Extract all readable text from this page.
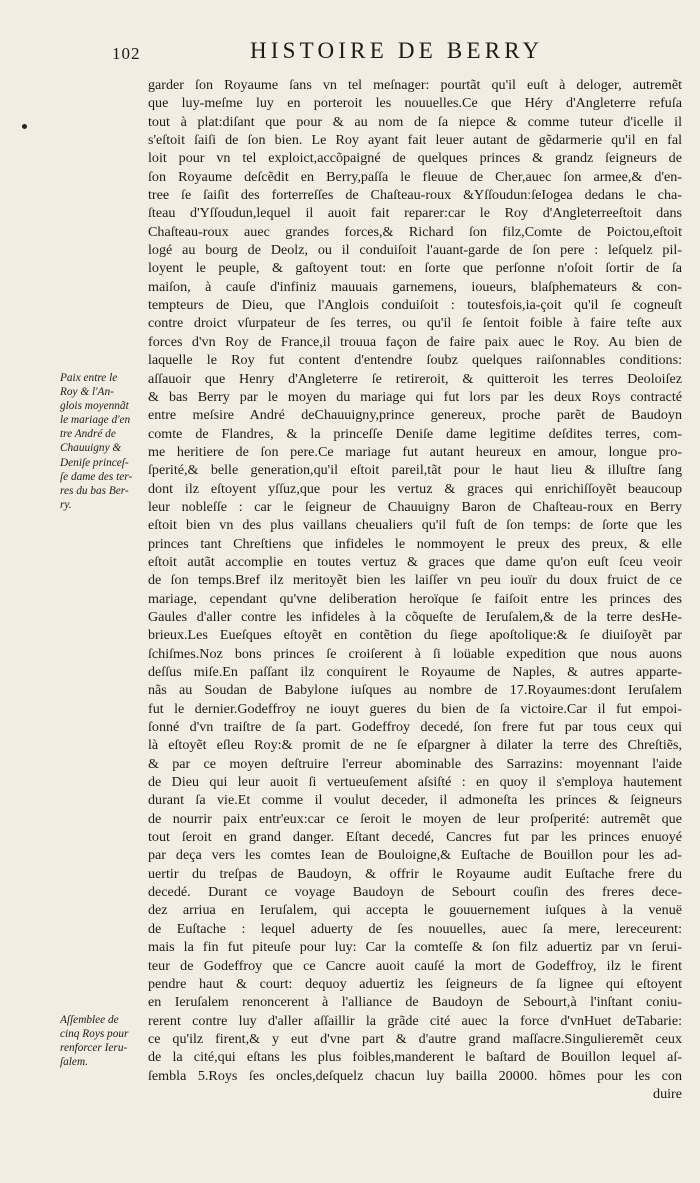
102	HISTOIRE DE BERRY
garder ſon Royaume ſans vn tel meſnager: pourtãt qu'il euſt à deloger, autremẽt
que luy-meſme luy en porteroit les nouuelles.Ce que Héry d'Angleterre refuſa
tout à plat:diſant que pour & au nom de ſa niepce & comme tuteur d'icelle il
s'eſtoit ſaiſi de ſon bien. Le Roy ayant fait leuer autant de gẽdarmerie qu'il en fal
loit pour vn tel exploict,accõpaigné de quelques princes & grandz ſeigneurs de
ſon Royaume deſcẽdit en Berry,paſſa le fleuue de Cher,auec ſon armee,& d'en-
tree ſe ſaiſit des forterreſſes de Chaſteau-roux &YſſoudunːſeIogea dedans le cha-
ſteau d'Yſſoudun,lequel il auoit fait reparer:car le Roy d'Angleterreeſtoit dans
Chaſteau-roux auec grandes forces,& Richard ſon filz,Comte de Poictou,eſtoit
logé au bourg de Deolz, ou il conduiſoit l'auant-garde de ſon pere : leſquelz pil-
loyent le peuple, & gaſtoyent tout: en ſorte que perſonne n'oſoit ſortir de ſa
maiſon, à cauſe d'infiniz mauuais garnemens, ioueurs, blaſphemateurs & con-
tempteurs de Dieu, que l'Anglois conduiſoit : toutesfois,ia-çoit qu'il ſe cogneuſt
contre droict vſurpateur de ſes terres, ou qu'il ſe ſentoit foible à faire teſte aux
forces d'vn Roy de France,il trouua façon de faire paix auec le Roy. Au bien de
laquelle le Roy fut content d'entendre ſoubz quelques raiſonnables conditions:
aſſauoir que Henry d'Angleterre ſe retireroit, & quitteroit les terres Deoloiſez
& bas Berry par le moyen du mariage qui fut lors par les deux Roys contracté
entre meſsire André deChauuigny,prince genereux, proche parẽt de Baudoyn
comte de Flandres, & la princeſſe Deniſe dame legitime deſdites terres, com-
me heritiere de ſon pere.Ce mariage fut autant heureux en amour, longue pro-
ſperité,& belle generation,qu'il eſtoit pareil,tãt pour le haut lieu & illuſtre ſang
dont ilz eſtoyent yſſuz,que pour les vertuz & graces qui enrichiſſoyẽt beaucoup
leur nobleſſe : car le ſeigneur de Chauuigny Baron de Chaſteau-roux en Berry
eſtoit bien vn des plus vaillans cheualiers qu'il fuſt de ſon temps: de ſorte que les
princes tant Chreſtiens que infideles le nommoyent le preux des preux, & elle
eſtoit autãt accomplie en toutes vertuz & graces que dame qu'on euſt ſceu veoir
de ſon temps.Bref ilz meritoyẽt bien les laiſſer vn peu iouïr du doux fruict de ce
mariage, cependant qu'vne deliberation heroïque ſe faiſoit entre les princes des
Gaules d'aller contre les infideles à la cõqueſte de Ieruſalem,& de la terre desHe-
brieux.Les Eueſques eſtoyẽt en contẽtion du ſiege apoſtolique:& ſe diuiſoyẽt par
ſchiſmes.Noz bons princes ſe croiſerent à ſi loüable expedition que nous auons
deſſus miſe.En paſſant ilz conquirent le Royaume de Naples, & autres apparte-
nãs au Soudan de Babylone iuſques au nombre de 17.Royaumes:dont Ieruſalem
fut le dernier.Godeffroy ne iouyt gueres du bien de ſa victoire.Car il fut empoi-
ſonné d'vn traiſtre de ſa part. Godeffroy decedé, ſon frere fut par tous ceux qui
là eſtoyẽt eſleu Roy:& promit de ne ſe eſpargner à dilater la terre des Chreſtiẽs,
& par ce moyen deſtruire l'erreur abominable des Sarrazins: moyennant l'aide
de Dieu qui leur auoit ſi vertueuſement aſsiſté : en quoy il s'employa hautement
durant ſa vie.Et comme il voulut deceder, il admoneſta les princes & ſeigneurs
de nourrir paix entr'eux:car ce ſeroit le moyen de leur proſperité: autremẽt que
tout ſeroit en grand danger. Eſtant decedé, Cancres fut par les princes enuoyé
par deça vers les comtes Iean de Bouloigne,& Euſtache de Bouillon pour les ad-
uertir du treſpas de Baudoyn, & offrir le Royaume audit Euſtache frere du
decedé. Durant ce voyage Baudoyn de Sebourt couſin des freres dece-
dez arriua en Ieruſalem, qui accepta le gouuernement iuſques à la venuë
de Euſtache : lequel aduerty de ſes nouuelles, auec ſa mere, lereceurent:
mais la fin fut piteuſe pour luy: Car la comteſſe & ſon filz aduertiz par vn ſerui-
teur de Godeffroy que ce Cancre auoit cauſé la mort de Godeffroy, ilz le firent
pendre haut & court: dequoy aduertiz les ſeigneurs de ſa lignee qui eſtoyent
en Ieruſalem renoncerent à l'alliance de Baudoyn de Sebourt,à l'inſtant coniu-
rerent contre luy d'aller aſſaillir la grãde cité auec la force d'vnHuet deTabarie:
ce qu'ilz firent,& y eut d'vne part & d'autre grand maſſacre.Singulieremẽt ceux
de la cité,qui eſtans les plus foibles,manderent le baſtard de Bouillon lequel aſ-
ſembla 5.Roys ſes oncles,deſquelz chacun luy bailla 20000. hõmes pour les con
duire
Paix entre le
Roy & l'An-
glois moyennãt
le mariage d'en
tre André de
Chauuigny &
Deniſe princeſ-
ſe dame des ter-
res du bas Ber-
ry.
Aſſemblee de
cinq Roys pour
renforcer Ieru-
ſalem.
